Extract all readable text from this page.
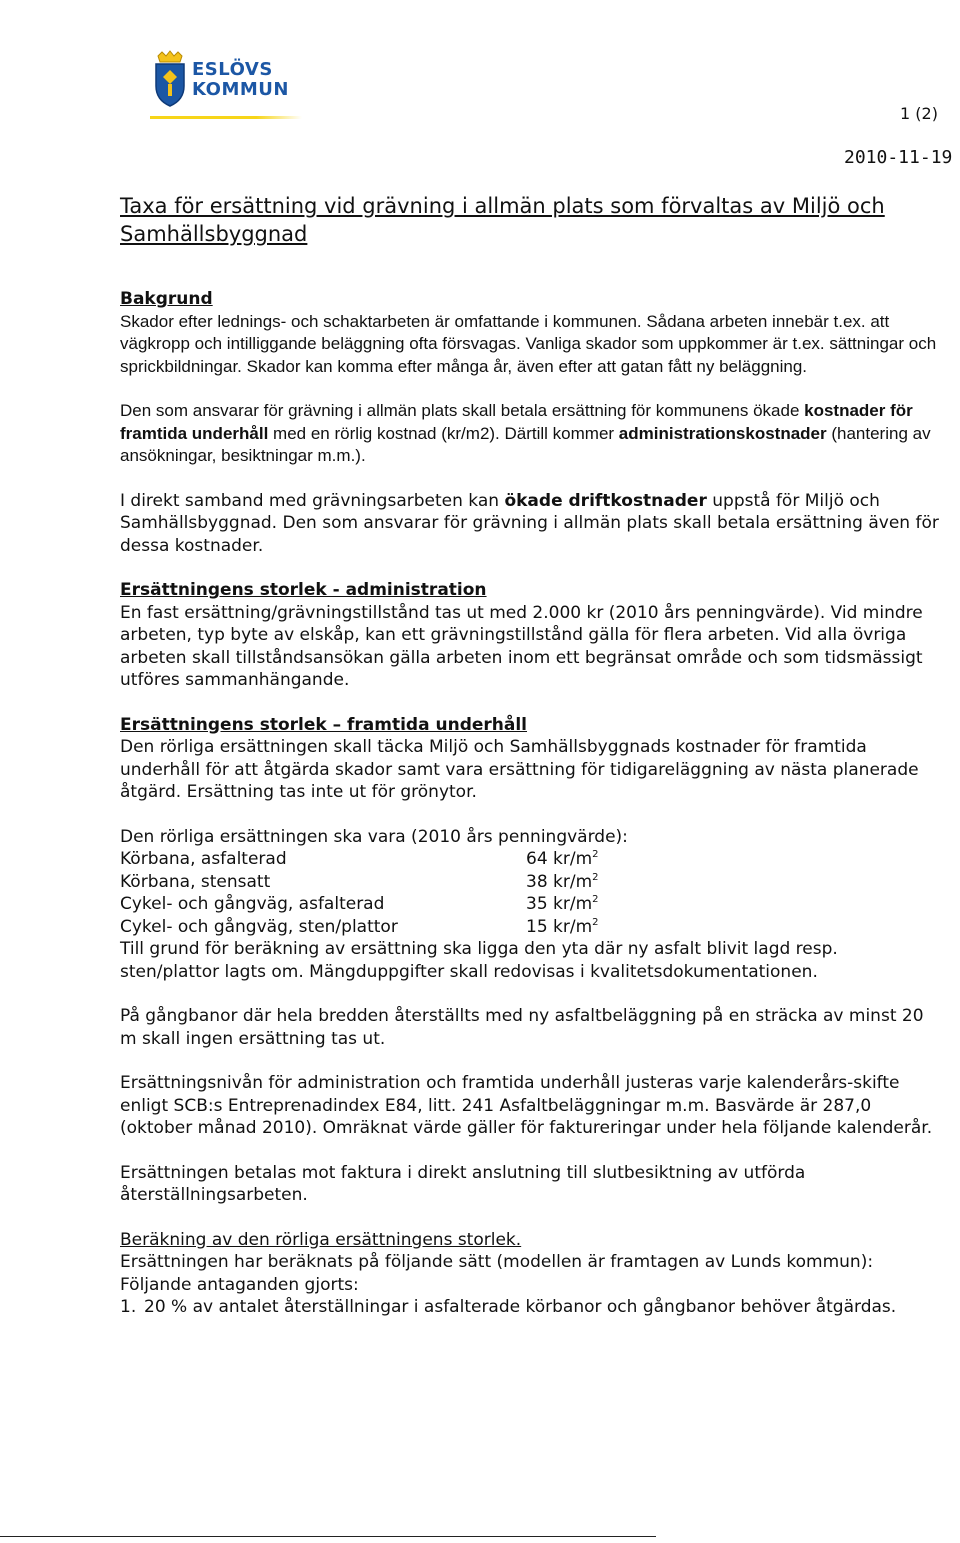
ESLÖVS
KOMMUN
1 (2)
2010-11-19
Taxa för ersättning vid grävning i allmän plats som förvaltas av Miljö och Samhällsbyggnad
Bakgrund

Skador efter lednings- och schaktarbeten är omfattande i kommunen. Sådana arbeten innebär t.ex. att vägkropp och intilliggande beläggning ofta försvagas. Vanliga skador som uppkommer är t.ex. sättningar och sprickbildningar. Skador kan komma efter många år, även efter att gatan fått ny beläggning.

Den som ansvarar för grävning i allmän plats skall betala ersättning för kommunens ökade kostnader för framtida underhåll med en rörlig kostnad (kr/m2). Därtill kommer administrationskostnader (hantering av ansökningar, besiktningar m.m.).

I direkt samband med grävningsarbeten kan ökade driftkostnader uppstå för Miljö och Samhällsbyggnad. Den som ansvarar för grävning i allmän plats skall betala ersättning även för dessa kostnader.

Ersättningens storlek - administration

En fast ersättning/grävningstillstånd tas ut med 2.000 kr (2010 års penningvärde). Vid mindre arbeten, typ byte av elskåp, kan ett grävningstillstånd gälla för flera arbeten. Vid alla övriga arbeten skall tillståndsansökan gälla arbeten inom ett begränsat område och som tidsmässigt utföres sammanhängande.

Ersättningens storlek – framtida underhåll

Den rörliga ersättningen skall täcka Miljö och Samhällsbyggnads kostnader för framtida underhåll för att åtgärda skador samt vara ersättning för tidigareläggning av nästa planerade åtgärd. Ersättning tas inte ut för grönytor.

Den rörliga ersättningen ska vara (2010 års penningvärde):

Körbana, asfalterad	64 $kr/m^2$
Körbana, stensatt	38 $kr/m^2$
Cykel- och gångväg, asfalterad	35 $kr/m^2$
Cykel- och gångväg, sten/plattor	15 $kr/m^2$

Till grund för beräkning av ersättning ska ligga den yta där ny asfalt blivit lagd resp. sten/plattor lagts om. Mängduppgifter skall redovisas i kvalitetsdokumentationen.

På gångbanor där hela bredden återställts med ny asfaltbeläggning på en sträcka av minst 20 m skall ingen ersättning tas ut.

Ersättningsnivån för administration och framtida underhåll justeras varje kalenderårs-skifte enligt SCB:s Entreprenadindex E84, litt. 241 Asfaltbeläggningar m.m. Basvärde är 287,0 (oktober månad 2010). Omräknat värde gäller för faktureringar under hela följande kalenderår.

Ersättningen betalas mot faktura i direkt anslutning till slutbesiktning av utförda återställningsarbeten.

Beräkning av den rörliga ersättningens storlek.

Ersättningen har beräknats på följande sätt (modellen är framtagen av Lunds kommun): Följande antaganden gjorts:

1. 20 % av antalet återställningar i asfalterade körbanor och gångbanor behöver åtgärdas.
